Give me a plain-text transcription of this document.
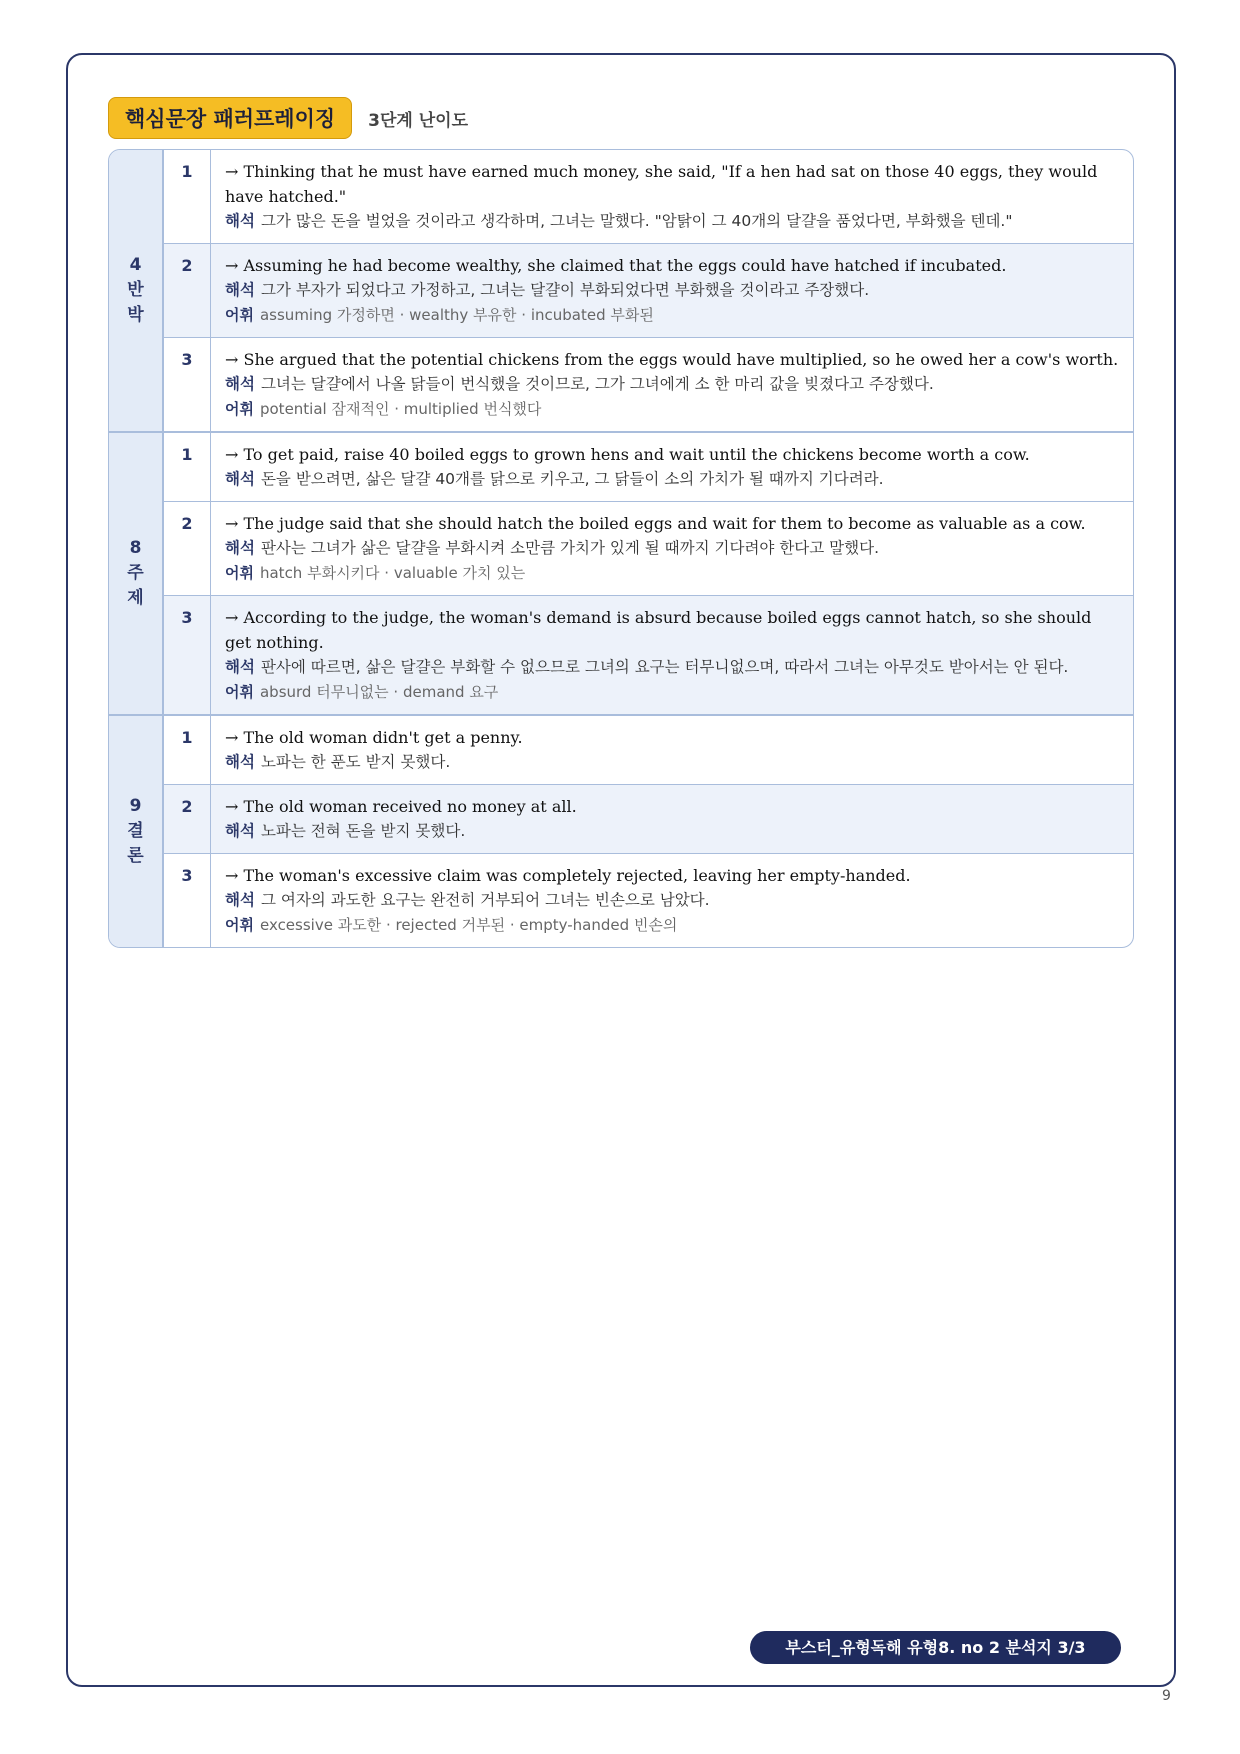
핵심문장 패러프레이징	3단계 난이도
4
반
박
1	→ Thinking that he must have earned much money, she said, "If a hen had sat on those 40 eggs, they would have hatched."
해석 그가 많은 돈을 벌었을 것이라고 생각하며, 그녀는 말했다. "암탉이 그 40개의 달걀을 품었다면, 부화했을 텐데."
2	→ Assuming he had become wealthy, she claimed that the eggs could have hatched if incubated.
해석 그가 부자가 되었다고 가정하고, 그녀는 달걀이 부화되었다면 부화했을 것이라고 주장했다.
어휘 assuming 가정하면 · wealthy 부유한 · incubated 부화된
3	→ She argued that the potential chickens from the eggs would have multiplied, so he owed her a cow's worth.
해석 그녀는 달걀에서 나올 닭들이 번식했을 것이므로, 그가 그녀에게 소 한 마리 값을 빚졌다고 주장했다.
어휘 potential 잠재적인 · multiplied 번식했다
8
주
제
1	→ To get paid, raise 40 boiled eggs to grown hens and wait until the chickens become worth a cow.
해석 돈을 받으려면, 삶은 달걀 40개를 닭으로 키우고, 그 닭들이 소의 가치가 될 때까지 기다려라.
2	→ The judge said that she should hatch the boiled eggs and wait for them to become as valuable as a cow.
해석 판사는 그녀가 삶은 달걀을 부화시켜 소만큼 가치가 있게 될 때까지 기다려야 한다고 말했다.
어휘 hatch 부화시키다 · valuable 가치 있는
3	→ According to the judge, the woman's demand is absurd because boiled eggs cannot hatch, so she should get nothing.
해석 판사에 따르면, 삶은 달걀은 부화할 수 없으므로 그녀의 요구는 터무니없으며, 따라서 그녀는 아무것도 받아서는 안 된다.
어휘 absurd 터무니없는 · demand 요구
9
결
론
1	→ The old woman didn't get a penny.
해석 노파는 한 푼도 받지 못했다.
2	→ The old woman received no money at all.
해석 노파는 전혀 돈을 받지 못했다.
3	→ The woman's excessive claim was completely rejected, leaving her empty-handed.
해석 그 여자의 과도한 요구는 완전히 거부되어 그녀는 빈손으로 남았다.
어휘 excessive 과도한 · rejected 거부된 · empty-handed 빈손의
부스터_유형독해 유형8. no 2 분석지 3/3
9
